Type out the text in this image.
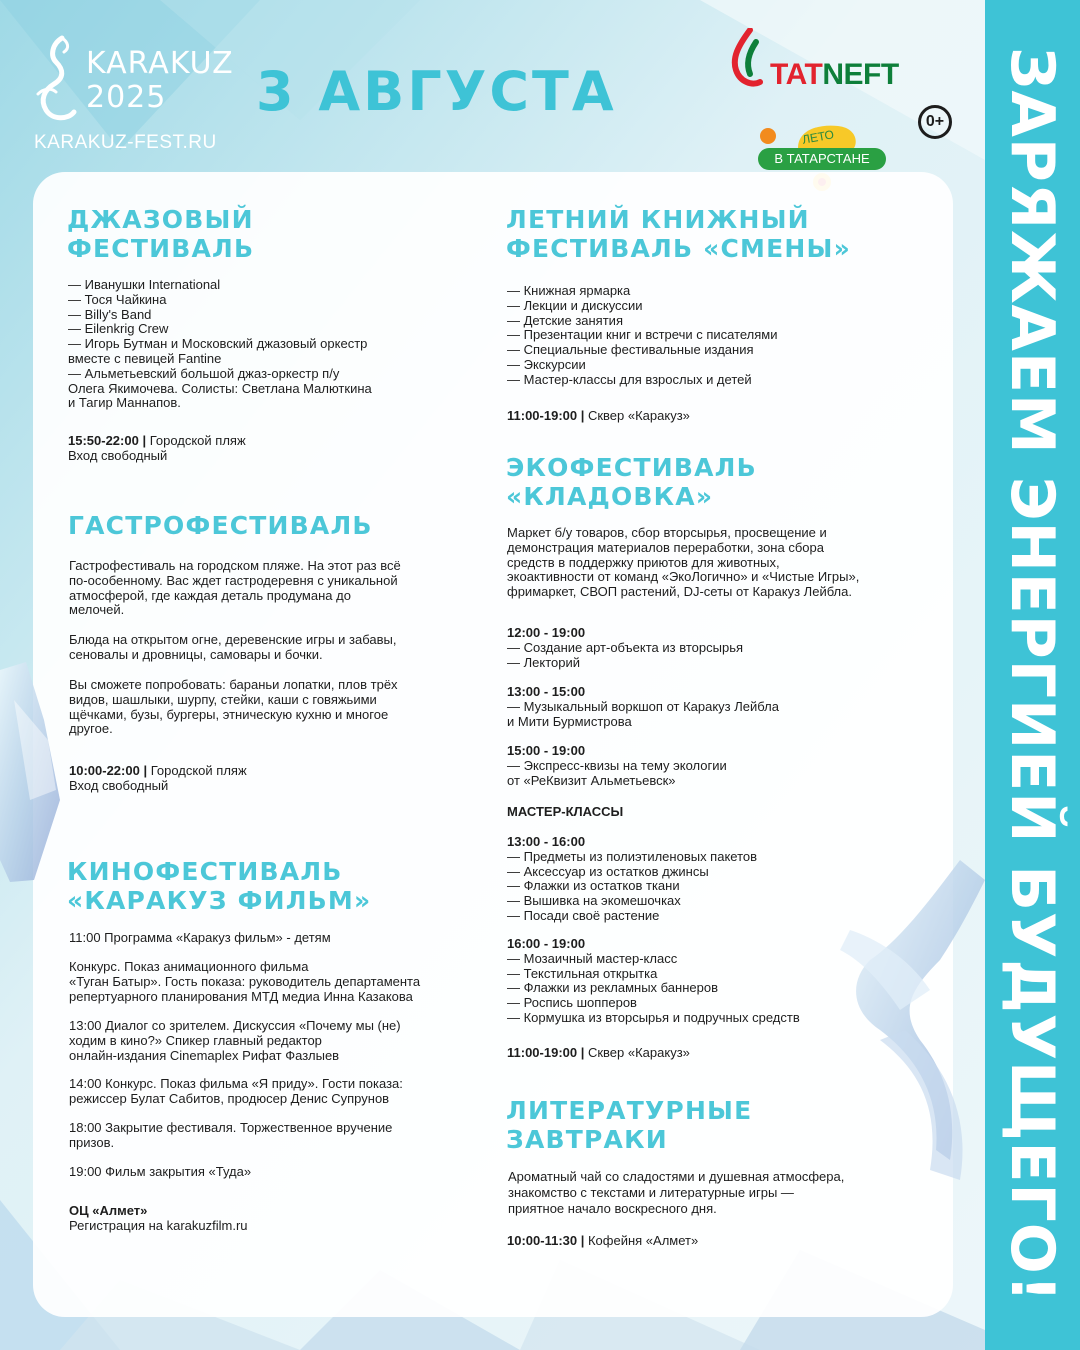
ЗАРЯЖАЕМ ЭНЕРГИЕЙ БУДУЩЕГО!
KARAKUZ
2025
KARAKUZ-FEST.RU
3 АВГУСТА	TATNEFT
0+
ЛЕТО
В ТАТАРСТАНЕ
ДЖАЗОВЫЙ
ФЕСТИВАЛЬ
— Иванушки International
— Тося Чайкина
— Billy's Band
— Eilenkrig Crew
— Игорь Бутман и Московский джазовый оркестр
вместе с певицей Fantine
— Альметьевский большой джаз-оркестр п/у
Олега Якимочева. Солисты: Светлана Малюткина
и Тагир Маннапов.
15:50-22:00 | Городской пляж
Вход свободный
ГАСТРОФЕСТИВАЛЬ
Гастрофестиваль на городском пляже. На этот раз всё
по-особенному. Вас ждет гастродеревня с уникальной
атмосферой, где каждая деталь продумана до
мелочей.
Блюда на открытом огне, деревенские игры и забавы,
сеновалы и дровницы, самовары и бочки.
Вы сможете попробовать: бараньи лопатки, плов трёх
видов, шашлыки, шурпу, стейки, каши с говяжьими
щёчками, бузы, бургеры, этническую кухню и многое
другое.
10:00-22:00 | Городской пляж
Вход свободный
КИНОФЕСТИВАЛЬ
«КАРАКУЗ ФИЛЬМ»
11:00 Программа «Каракуз фильм» - детям
Конкурс. Показ анимационного фильма
«Туган Батыр». Гость показа: руководитель департамента
репертуарного планирования МТД медиа Инна Казакова
13:00 Диалог со зрителем. Дискуссия «Почему мы (не)
ходим в кино?» Спикер главный редактор
онлайн-издания Cinemaplex Рифат Фазлыев
14:00 Конкурс. Показ фильма «Я приду». Гости показа:
режиссер Булат Сабитов, продюсер Денис Супрунов
18:00 Закрытие фестиваля. Торжественное вручение
призов.
19:00 Фильм закрытия «Туда»
ОЦ «Алмет»
Регистрация на karakuzfilm.ru
ЛЕТНИЙ КНИЖНЫЙ
ФЕСТИВАЛЬ «СМЕНЫ»
— Книжная ярмарка
— Лекции и дискуссии
— Детские занятия
— Презентации книг и встречи с писателями
— Специальные фестивальные издания
— Экскурсии
— Мастер-классы для взрослых и детей
11:00-19:00 | Сквер «Каракуз»
ЭКОФЕСТИВАЛЬ
«КЛАДОВКА»
Маркет б/у товаров, сбор вторсырья, просвещение и
демонстрация материалов переработки, зона сбора
средств в поддержку приютов для животных,
экоактивности от команд «ЭкоЛогично» и «Чистые Игры»,
фримаркет, СВОП растений, DJ-сеты от Каракуз Лейбла.
12:00 - 19:00
— Создание арт-объекта из вторсырья
— Лекторий
13:00 - 15:00
— Музыкальный воркшоп от Каракуз Лейбла
и Мити Бурмистрова
15:00 - 19:00
— Экспресс-квизы на тему экологии
от «РеКвизит Альметьевск»
МАСТЕР-КЛАССЫ
13:00 - 16:00
— Предметы из полиэтиленовых пакетов
— Аксессуар из остатков джинсы
— Флажки из остатков ткани
— Вышивка на экомешочках
— Посади своё растение
16:00 - 19:00
— Мозаичный мастер-класс
— Текстильная открытка
— Флажки из рекламных баннеров
— Роспись шопперов
— Кормушка из вторсырья и подручных средств
11:00-19:00 | Сквер «Каракуз»
ЛИТЕРАТУРНЫЕ
ЗАВТРАКИ
Ароматный чай со сладостями и душевная атмосфера,
знакомство с текстами и литературные игры —
приятное начало воскресного дня.
10:00-11:30 | Кофейня «Алмет»
